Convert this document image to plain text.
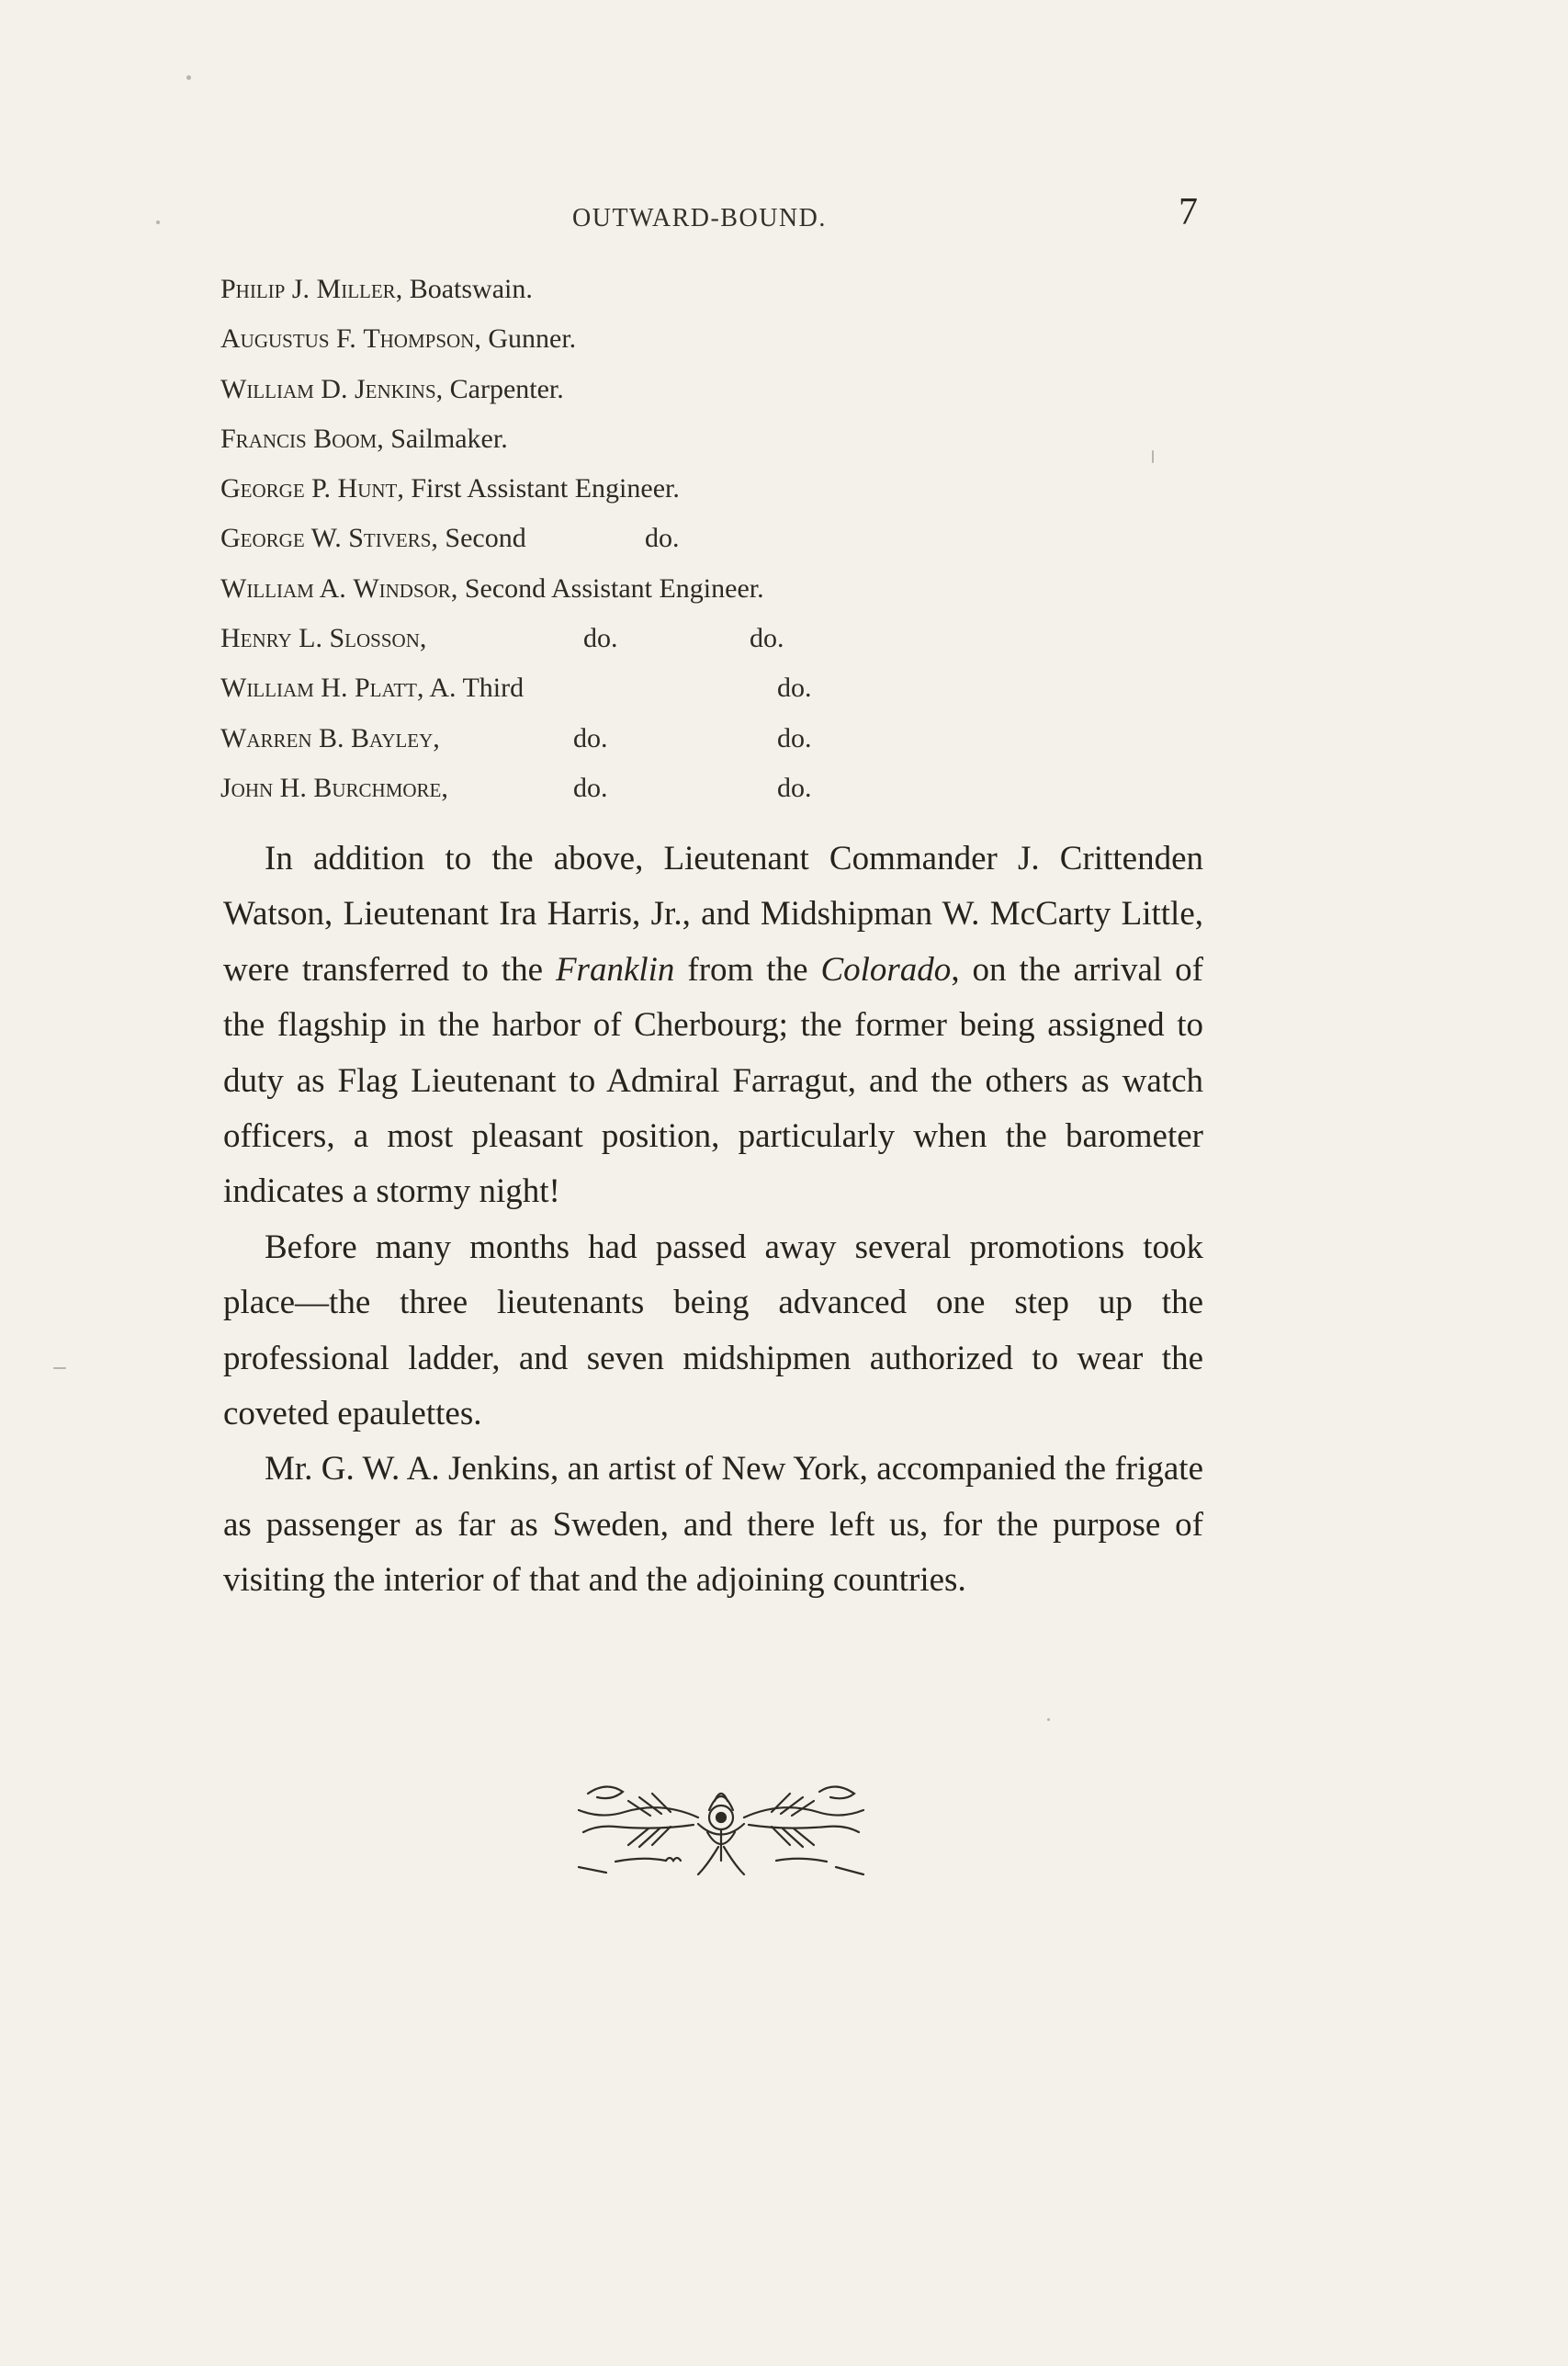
OUTWARD-BOUND.	7
Philip J. Miller, Boatswain.
Augustus F. Thompson, Gunner.
William D. Jenkins, Carpenter.
Francis Boom, Sailmaker.
George P. Hunt, First Assistant Engineer.
George W. Stivers, Second	do.
William A. Windsor, Second Assistant Engineer.
Henry L. Slosson,	do.	do.
William H. Platt, A. Third	do.
Warren B. Bayley,	do.	do.
John H. Burchmore,	do.	do.

In addition to the above, Lieutenant Commander J. Crittenden Watson, Lieutenant Ira Harris, Jr., and Midshipman W. McCarty Little, were transferred to the Franklin from the Colorado, on the arrival of the flagship in the harbor of Cherbourg; the former being assigned to duty as Flag Lieutenant to Admiral Farragut, and the others as watch officers, a most pleasant position, particularly when the barometer indicates a stormy night!

Before many months had passed away several promotions took place—the three lieutenants being advanced one step up the professional ladder, and seven midshipmen authorized to wear the coveted epaulettes.

Mr. G. W. A. Jenkins, an artist of New York, accompanied the frigate as passenger as far as Sweden, and there left us, for the purpose of visiting the interior of that and the adjoining countries.
